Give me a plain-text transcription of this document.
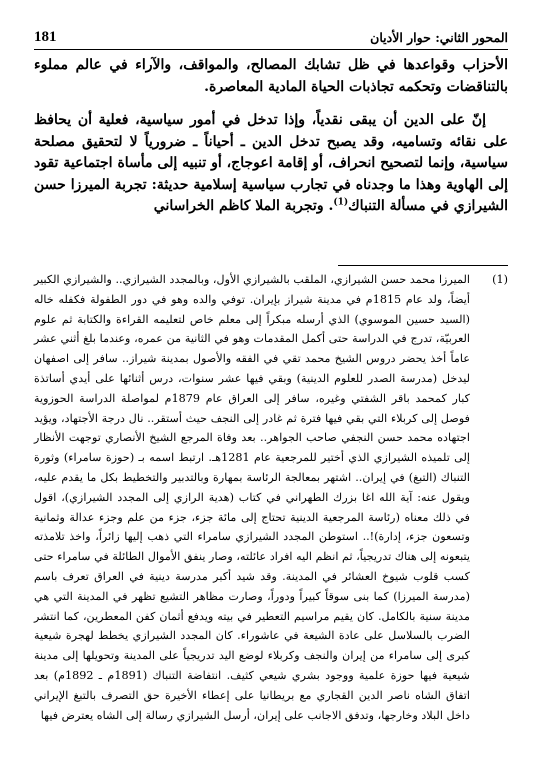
181	المحور الثاني: حوار الأديان

الأحزاب وقواعدها في ظل تشابك المصالح، والمواقف، والآراء في عالم مملوء بالتناقضات وتحكمه تجاذبات الحياة المادية المعاصرة.

إنّ على الدين أن يبقى نقدياً، وإذا تدخل في أمور سياسية، فعلية أن يحافظ على نقائه وتساميه، وقد يصبح تدخل الدين ـ أحياناً ـ ضرورياً لا لتحقيق مصلحة سياسية، وإنما لتصحيح انحراف، أو إقامة اعوجاج، أو تنبيه إلى مأساة اجتماعية تقود إلى الهاوية وهذا ما وجدناه في تجارب سياسية إسلامية حديثة: تجربة الميرزا حسن الشيرازي في مسألة التنباك$^{(1)}$. وتجربة الملا كاظم الخراساني

(1)
الميرزا محمد حسن الشيرازي، الملقب بالشيرازي الأول، وبالمجدد الشيرازي.. والشيرازي الكبير أيضاً، ولد عام 1815م في مدينة شيراز بإيران. توفي والده وهو في دور الطفولة فكفله خاله (السيد حسين الموسوي) الذي أرسله مبكراً إلى معلم خاص لتعليمه القراءة والكتابة ثم علوم العربيّة، تدرج في الدراسة حتى أكمل المقدمات وهو في الثانية من عمره، وعندما بلغ أثني عشر عاماً أخذ يحضر دروس الشيخ محمد تقي في الفقه والأصول بمدينة شيراز.. سافر إلى اصفهان ليدخل (مدرسة الصدر للعلوم الدينية) وبقي فيها عشر سنوات، درس أثنائها على أيدي أساتذة كبار كمحمد باقر الشفتي وغيره، سافر إلى العراق عام 1879م لمواصلة الدراسة الحوزوية فوصل إلى كربلاء التي بقي فيها فترة ثم غادر إلى النجف حيث أستقر.. نال درجة الأجتهاد، ويؤيد اجتهاده محمد حسن النجفي صاحب الجواهر.. بعد وفاة المرجع الشيخ الأنصاري توجهت الأنظار إلى تلميذه الشيرازي الذي أختير للمرجعية عام 1281هـ. ارتبط اسمه بـ (حوزة سامراء) وثورة التنباك (التبغ) في إيران.. اشتهر بمعالجة الرئاسة بمهارة وبالتدبير والتخطيط بكل ما يقدم عليه، ويقول عنه: آية الله اغا بزرك الطهراني في كتاب (هدية الرازي إلى المجدد الشيرازي)، اقول في ذلك معناه (رئاسة المرجعية الدينية تحتاج إلى مائة جزء، جزء من علم وجزء عدالة وثمانية وتسعون جزء، إدارة)!.. استوطن المجدد الشيرازي سامراء التي ذهب إليها زائراً، واخذ تلامذته يتبعونه إلى هناك تدريجياً، ثم انظم اليه افراد عائلته، وصار ينفق الأموال الطائلة في سامراء حتى كسب قلوب شيوخ العشائر في المدينة. وقد شيد أكبر مدرسة دينية في العراق تعرف باسم (مدرسة الميرزا) كما بنى سوقاً كبيراً ودوراً، وصارت مظاهر التشيع تظهر في المدينة التي هي مدينة سنية بالكامل. كان يقيم مراسيم التعطير في بيته ويدفع أثمان كفن المعطرين، كما انتشر الضرب بالسلاسل على عادة الشيعة في عاشوراء. كان المجدد الشيرازي يخطط لهجرة شيعية كبرى إلى سامراء من إيران والنجف وكربلاء لوضع اليد تدريجياً على المدينة وتحويلها إلى مدينة شيعية فيها حوزة علمية ووجود بشري شيعي كثيف. انتفاضة التنباك (1891م ـ 1892م) بعد اتفاق الشاه ناصر الدين القجاري مع بريطانيا على إعطاء الأخيرة حق التصرف بالتبغ الإيراني داخل البلاد وخارجها، وتدفق الاجانب على إيران، أرسل الشيرازي رسالة إلى الشاه يعترض فيها
